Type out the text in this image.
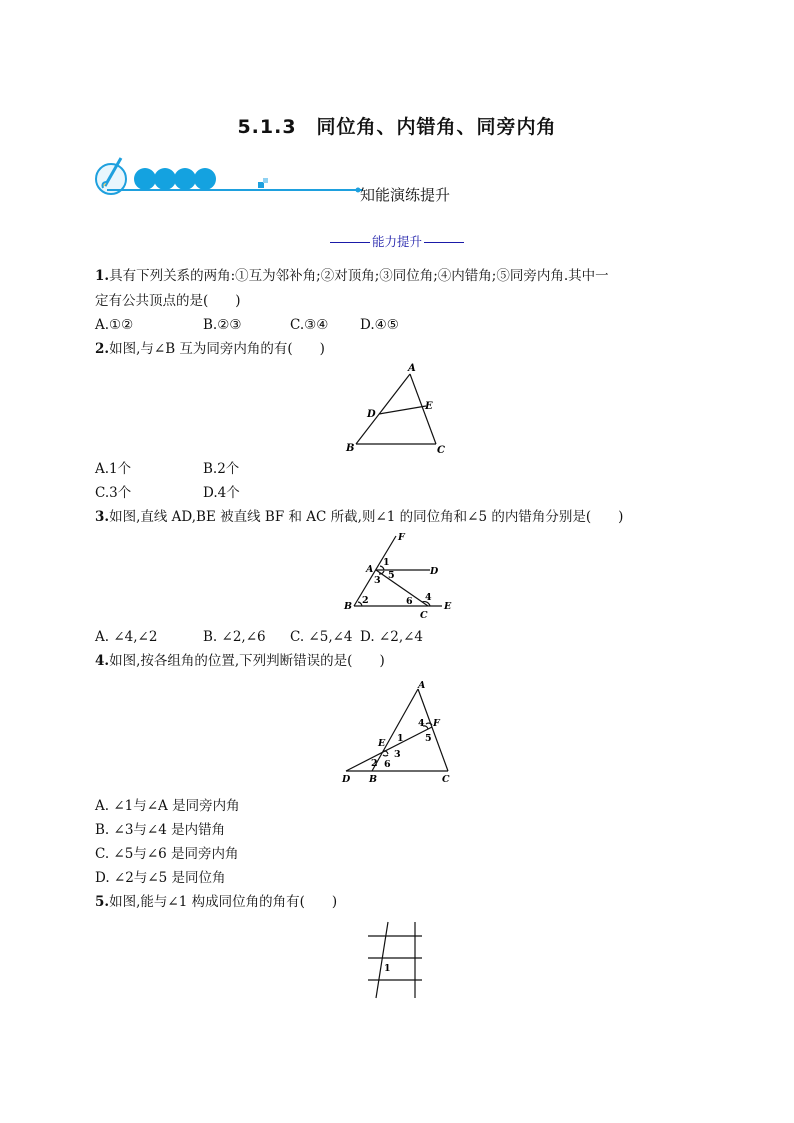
5.1.3　同位角、内错角、同旁内角
知能演练提升
能力提升
1.具有下列关系的两角:①互为邻补角;②对顶角;③同位角;④内错角;⑤同旁内角.其中一
定有公共顶点的是(　　)
A.①②	B.②③	C.③④ D.④⑤
2.如图,与∠B 互为同旁内角的有(　　)
A
D
E
B	C
A.1个	B.2个
C.3个	D.4个
3.如图,直线 AD,BE 被直线 BF 和 AC 所截,则∠1 的同位角和∠5 的内错角分别是(　　)
F
A
1
3 5	D
B
2	6 4
E
C
A. ∠4,∠2	B. ∠2,∠6 C. ∠5,∠4 D. ∠2,∠4
4.如图,按各组角的位置,下列判断错误的是(　　)
A
4 F
5
E 1
3
2 6
D B	C
A. ∠1与∠A 是同旁内角
B. ∠3与∠4 是内错角
C. ∠5与∠6 是同旁内角
D. ∠2与∠5 是同位角
5.如图,能与∠1 构成同位角的角有(　　)
1
